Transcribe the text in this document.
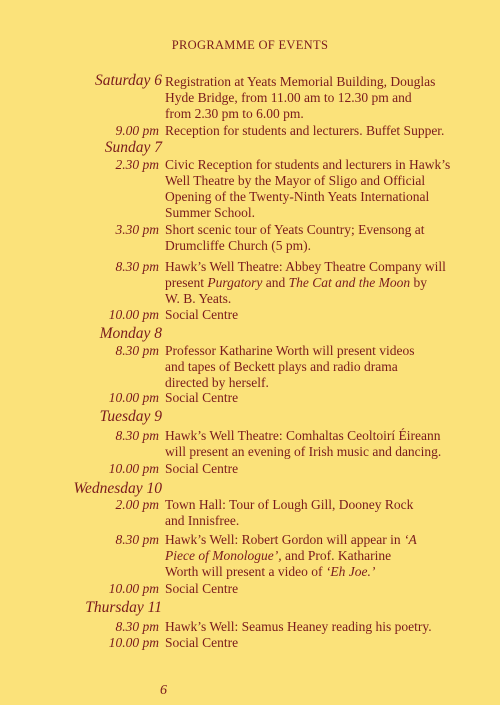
PROGRAMME OF EVENTS
Saturday 6 Registration at Yeats Memorial Building, Douglas
Hyde Bridge, from 11.00 am to 12.30 pm and
from 2.30 pm to 6.00 pm.
9.00 pm Reception for students and lecturers. Buffet Supper.
Sunday 7
2.30 pm Civic Reception for students and lecturers in Hawk’s
Well Theatre by the Mayor of Sligo and Official
Opening of the Twenty-Ninth Yeats International
Summer School.
3.30 pm Short scenic tour of Yeats Country; Evensong at
Drumcliffe Church (5 pm).
8.30 pm Hawk’s Well Theatre: Abbey Theatre Company will
present Purgatory and The Cat and the Moon by
W. B. Yeats.
10.00 pm Social Centre
Monday 8
8.30 pm Professor Katharine Worth will present videos
and tapes of Beckett plays and radio drama
directed by herself.
10.00 pm Social Centre
Tuesday 9
8.30 pm Hawk’s Well Theatre: Comhaltas Ceoltoirí Éireann
will present an evening of Irish music and dancing.
10.00 pm Social Centre
Wednesday 10
2.00 pm Town Hall: Tour of Lough Gill, Dooney Rock
and Innisfree.
8.30 pm Hawk’s Well: Robert Gordon will appear in ‘A
Piece of Monologue’, and Prof. Katharine
Worth will present a video of ‘Eh Joe.’
10.00 pm Social Centre
Thursday 11
8.30 pm Hawk’s Well: Seamus Heaney reading his poetry.
10.00 pm Social Centre
6
